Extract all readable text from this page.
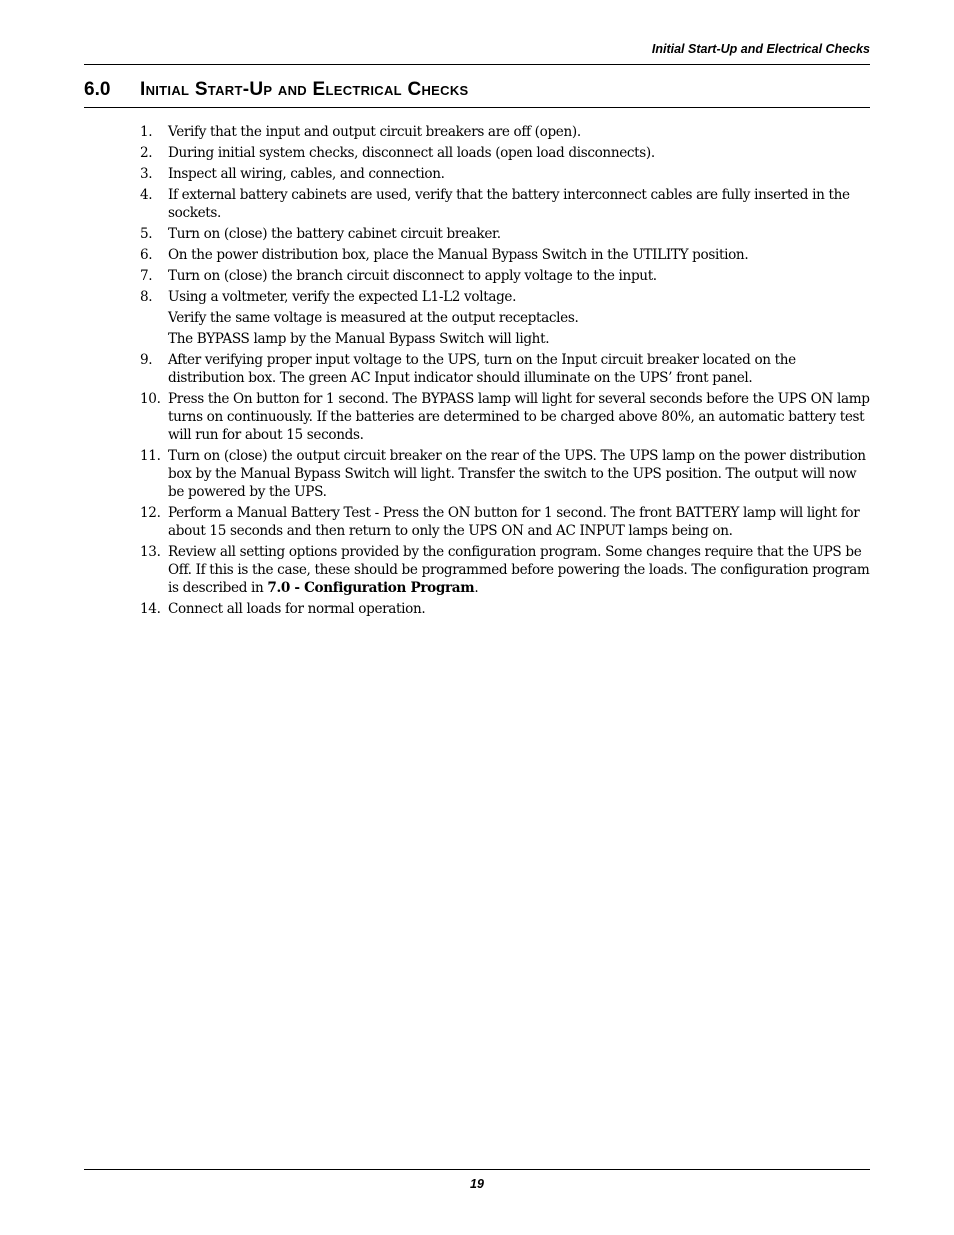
Initial Start-Up and Electrical Checks
6.0 Initial Start-Up and Electrical Checks
1. Verify that the input and output circuit breakers are off (open).
2. During initial system checks, disconnect all loads (open load disconnects).
3. Inspect all wiring, cables, and connection.
4. If external battery cabinets are used, verify that the battery interconnect cables are fully inserted in the sockets.
5. Turn on (close) the battery cabinet circuit breaker.
6. On the power distribution box, place the Manual Bypass Switch in the UTILITY position.
7. Turn on (close) the branch circuit disconnect to apply voltage to the input.
8. Using a voltmeter, verify the expected L1-L2 voltage.
Verify the same voltage is measured at the output receptacles.
The BYPASS lamp by the Manual Bypass Switch will light.
9. After verifying proper input voltage to the UPS, turn on the Input circuit breaker located on the distribution box. The green AC Input indicator should illuminate on the UPS’ front panel.
10. Press the On button for 1 second. The BYPASS lamp will light for several seconds before the UPS ON lamp turns on continuously. If the batteries are determined to be charged above 80%, an automatic battery test will run for about 15 seconds.
11. Turn on (close) the output circuit breaker on the rear of the UPS. The UPS lamp on the power distribution box by the Manual Bypass Switch will light. Transfer the switch to the UPS position. The output will now be powered by the UPS.
12. Perform a Manual Battery Test - Press the ON button for 1 second. The front BATTERY lamp will light for about 15 seconds and then return to only the UPS ON and AC INPUT lamps being on.
13. Review all setting options provided by the configuration program. Some changes require that the UPS be Off. If this is the case, these should be programmed before powering the loads. The configuration program is described in 7.0 - Configuration Program.
14. Connect all loads for normal operation.
19
